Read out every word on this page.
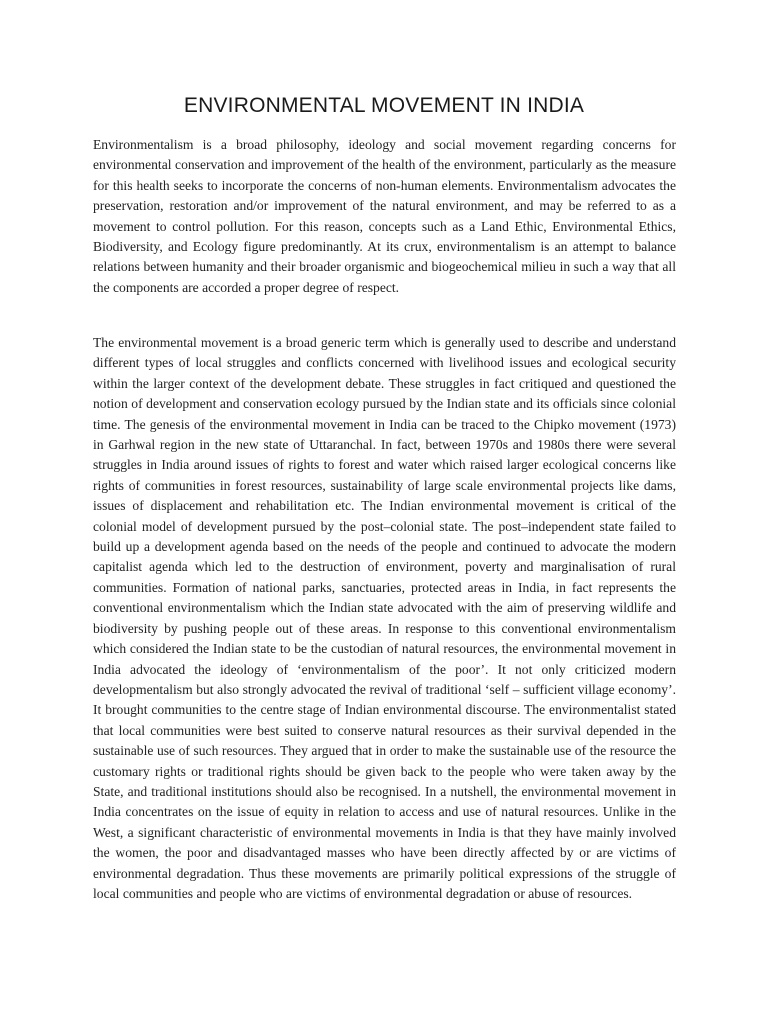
ENVIRONMENTAL MOVEMENT IN INDIA

Environmentalism is a broad philosophy, ideology and social movement regarding concerns for environmental conservation and improvement of the health of the environment, particularly as the measure for this health seeks to incorporate the concerns of non-human elements. Environmentalism advocates the preservation, restoration and/or improvement of the natural environment, and may be referred to as a movement to control pollution. For this reason, concepts such as a Land Ethic, Environmental Ethics, Biodiversity, and Ecology figure predominantly. At its crux, environmentalism is an attempt to balance relations between humanity and their broader organismic and biogeochemical milieu in such a way that all the components are accorded a proper degree of respect.

The environmental movement is a broad generic term which is generally used to describe and understand different types of local struggles and conflicts concerned with livelihood issues and ecological security within the larger context of the development debate. These struggles in fact critiqued and questioned the notion of development and conservation ecology pursued by the Indian state and its officials since colonial time. The genesis of the environmental movement in India can be traced to the Chipko movement (1973) in Garhwal region in the new state of Uttaranchal. In fact, between 1970s and 1980s there were several struggles in India around issues of rights to forest and water which raised larger ecological concerns like rights of communities in forest resources, sustainability of large scale environmental projects like dams, issues of displacement and rehabilitation etc. The Indian environmental movement is critical of the colonial model of development pursued by the post–colonial state. The post–independent state failed to build up a development agenda based on the needs of the people and continued to advocate the modern capitalist agenda which led to the destruction of environment, poverty and marginalisation of rural communities. Formation of national parks, sanctuaries, protected areas in India, in fact represents the conventional environmentalism which the Indian state advocated with the aim of preserving wildlife and biodiversity by pushing people out of these areas. In response to this conventional environmentalism which considered the Indian state to be the custodian of natural resources, the environmental movement in India advocated the ideology of ‘environmentalism of the poor’. It not only criticized modern developmentalism but also strongly advocated the revival of traditional ‘self – sufficient village economy’. It brought communities to the centre stage of Indian environmental discourse. The environmentalist stated that local communities were best suited to conserve natural resources as their survival depended in the sustainable use of such resources. They argued that in order to make the sustainable use of the resource the customary rights or traditional rights should be given back to the people who were taken away by the State, and traditional institutions should also be recognised. In a nutshell, the environmental movement in India concentrates on the issue of equity in relation to access and use of natural resources. Unlike in the West, a significant characteristic of environmental movements in India is that they have mainly involved the women, the poor and disadvantaged masses who have been directly affected by or are victims of environmental degradation. Thus these movements are primarily political expressions of the struggle of local communities and people who are victims of environmental degradation or abuse of resources.
